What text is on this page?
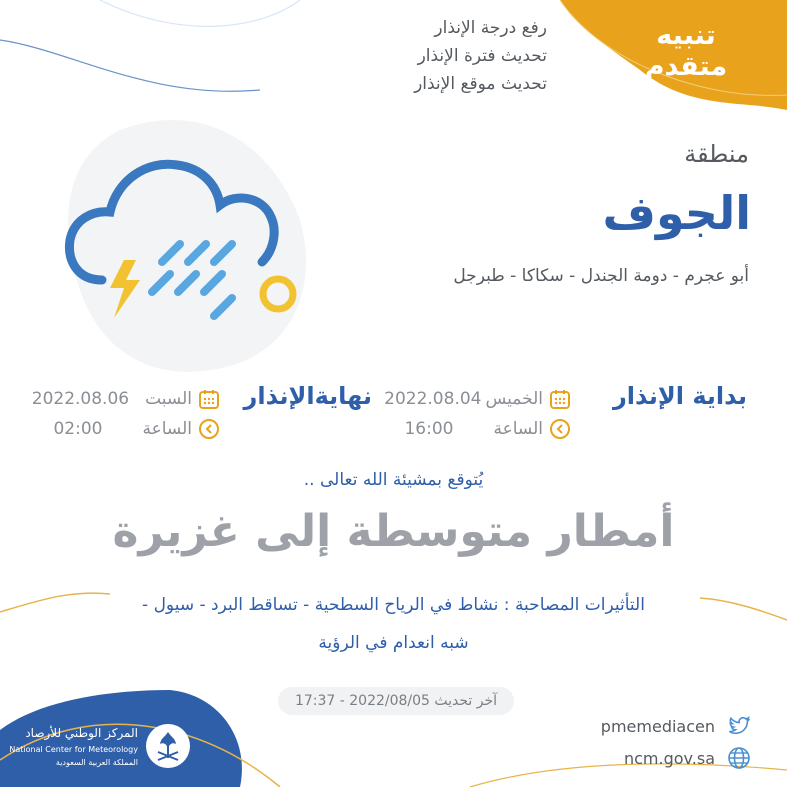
تنبيه متقدم
رفع درجة الإنذار
تحديث فترة الإنذار
تحديث موقع الإنذار
منطقة
الجوف
أبو عجرم - دومة الجندل - سكاكا - طبرجل
بداية الإنذار
الخميس
2022.08.04
الساعة
16:00
نهايةالإنذار
السبت
2022.08.06
الساعة
02:00
يُتوقع بمشيئة الله تعالى ..
أمطار متوسطة إلى غزيرة
التأثيرات المصاحبة : نشاط في الرياح السطحية - تساقط البرد - سيول -
شبه انعدام في الرؤية
آخر تحديث 2022/08/05 - 17:37
pmemediacen
ncm.gov.sa
المركز الوطني للأرصاد
National Center for Meteorology
المملكة العربية السعودية
